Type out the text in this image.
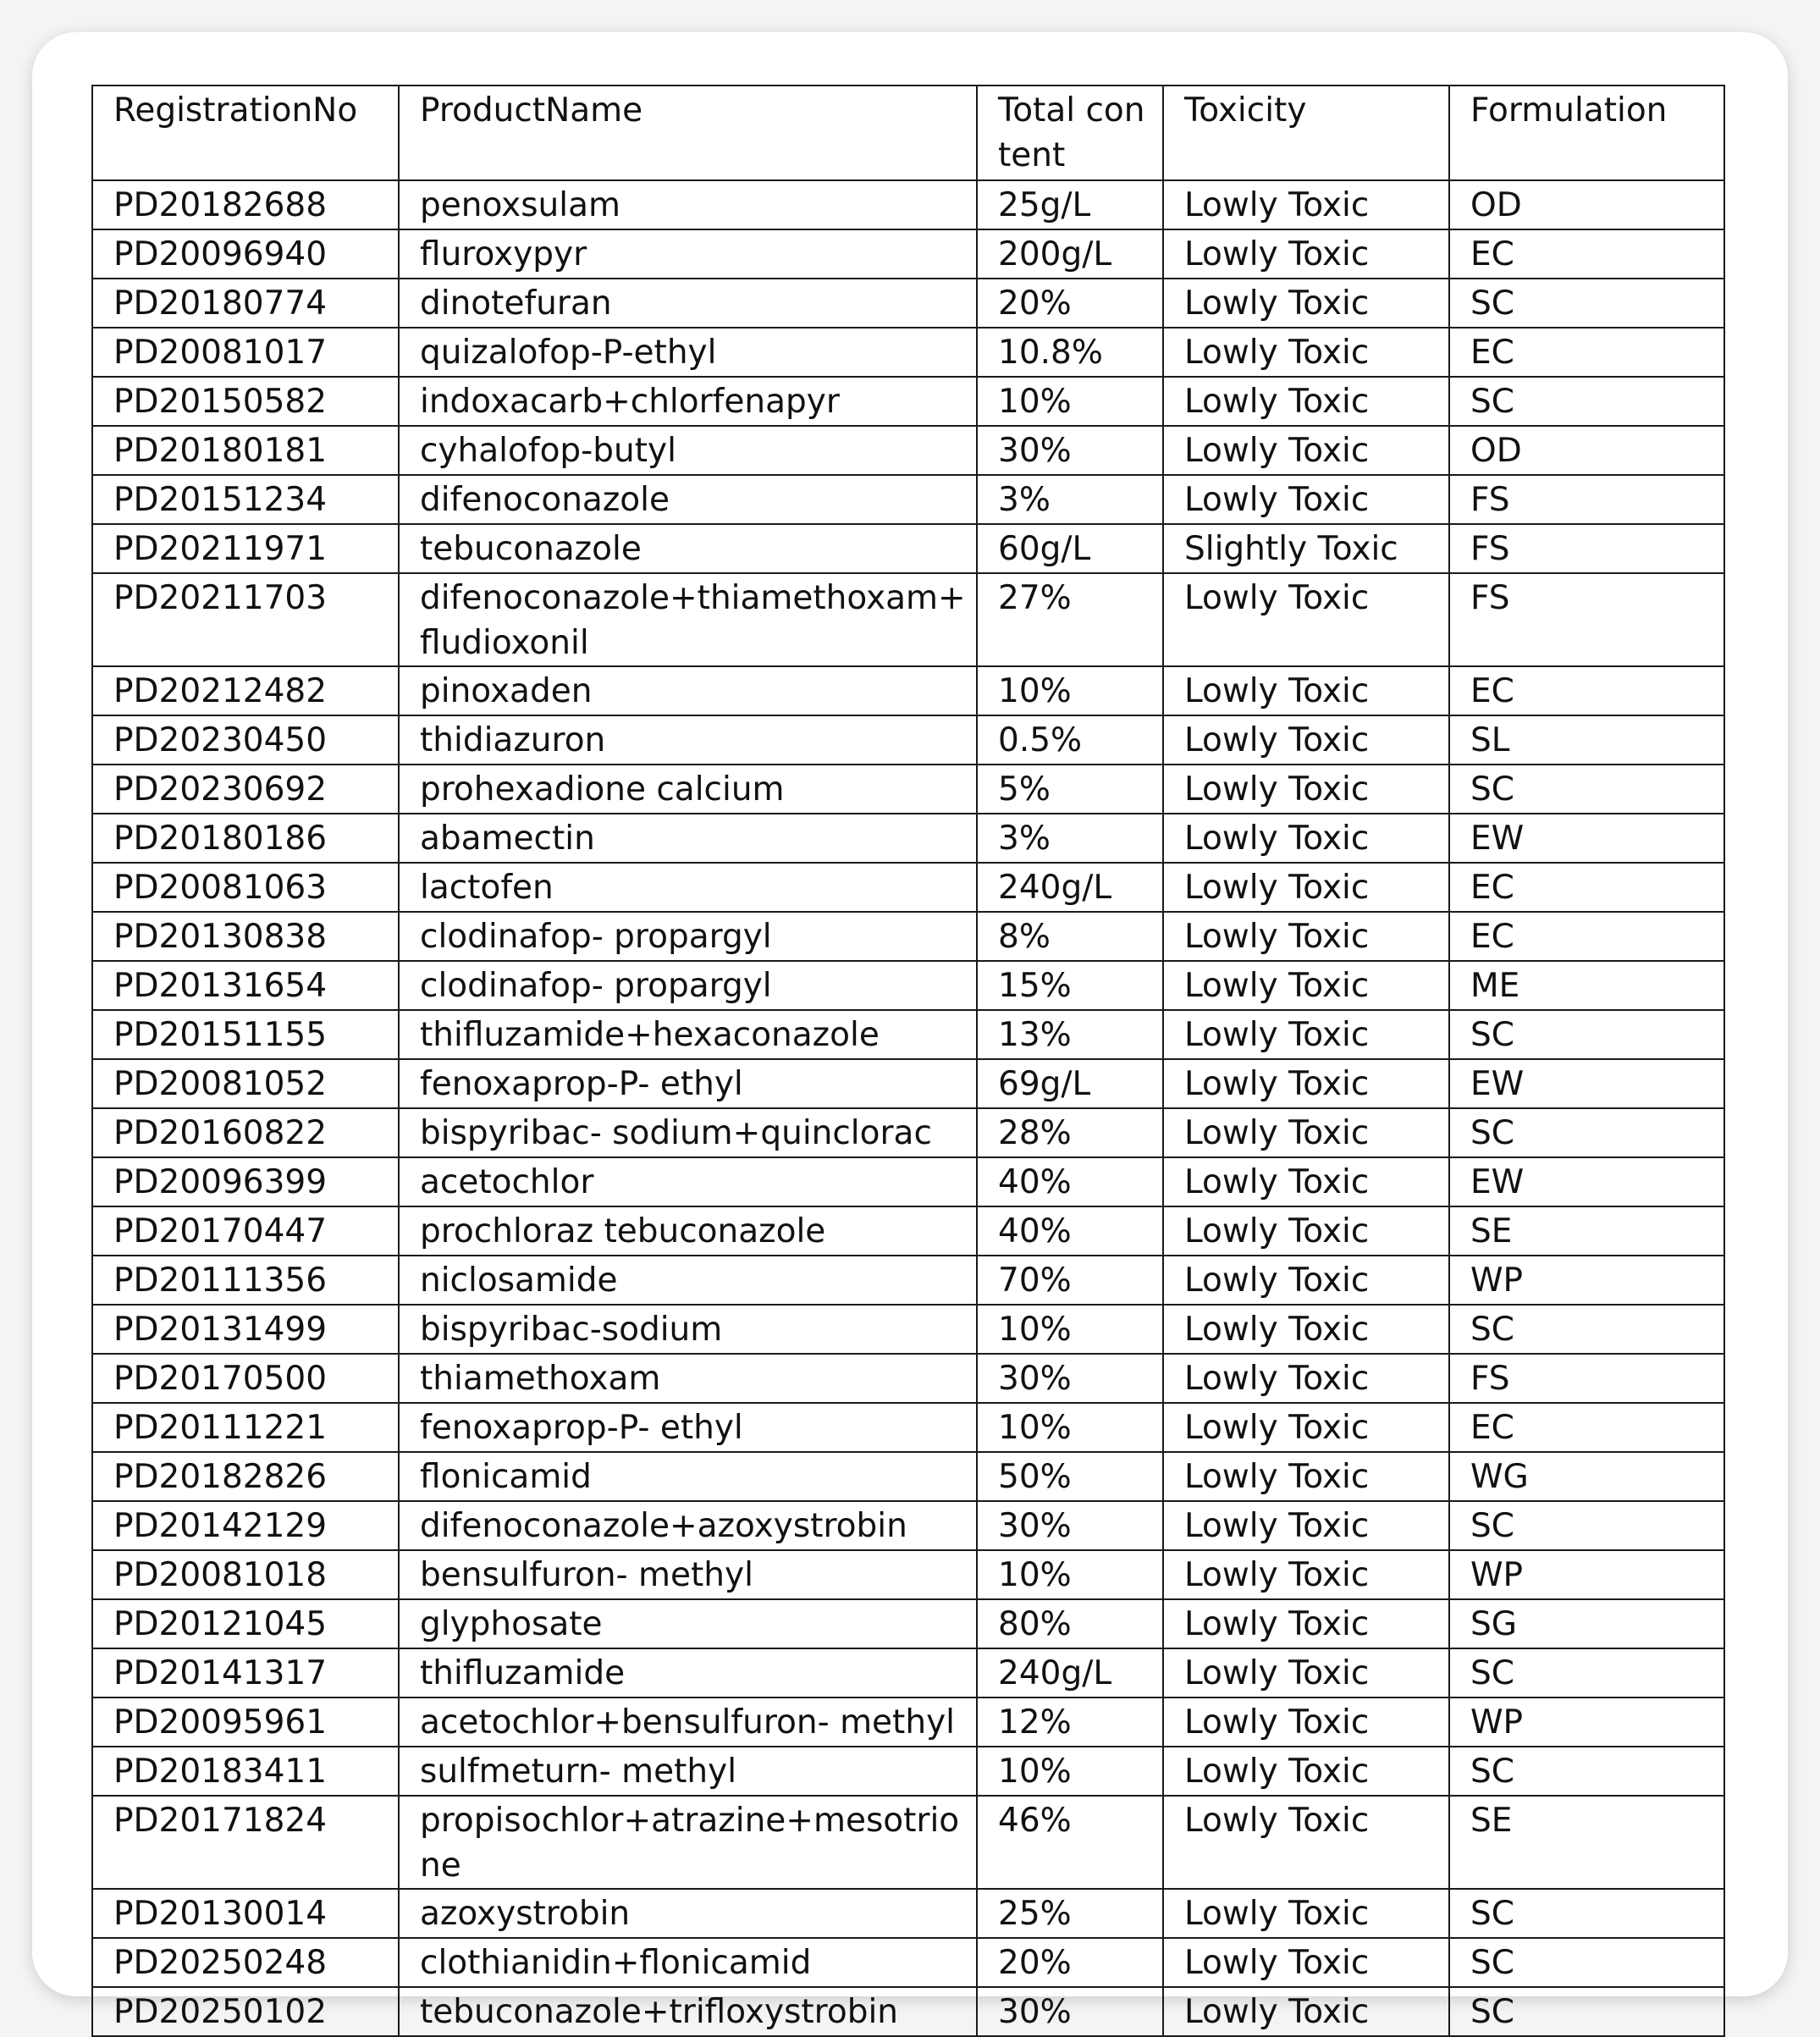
RegistrationNo	ProductName	Total content	Toxicity	Formulation
PD20182688	penoxsulam	25g/L	Lowly Toxic	OD
PD20096940	fluroxypyr	200g/L	Lowly Toxic	EC
PD20180774	dinotefuran	20%	Lowly Toxic	SC
PD20081017	quizalofop-P-ethyl	10.8%	Lowly Toxic	EC
PD20150582	indoxacarb+chlorfenapyr	10%	Lowly Toxic	SC
PD20180181	cyhalofop-butyl	30%	Lowly Toxic	OD
PD20151234	difenoconazole	3%	Lowly Toxic	FS
PD20211971	tebuconazole	60g/L	Slightly Toxic	FS
PD20211703	difenoconazole+thiamethoxam+fludioxonil	27%	Lowly Toxic	FS
PD20212482	pinoxaden	10%	Lowly Toxic	EC
PD20230450	thidiazuron	0.5%	Lowly Toxic	SL
PD20230692	prohexadione calcium	5%	Lowly Toxic	SC
PD20180186	abamectin	3%	Lowly Toxic	EW
PD20081063	lactofen	240g/L	Lowly Toxic	EC
PD20130838	clodinafop- propargyl	8%	Lowly Toxic	EC
PD20131654	clodinafop- propargyl	15%	Lowly Toxic	ME
PD20151155	thifluzamide+hexaconazole	13%	Lowly Toxic	SC
PD20081052	fenoxaprop-P- ethyl	69g/L	Lowly Toxic	EW
PD20160822	bispyribac- sodium+quinclorac	28%	Lowly Toxic	SC
PD20096399	acetochlor	40%	Lowly Toxic	EW
PD20170447	prochloraz tebuconazole	40%	Lowly Toxic	SE
PD20111356	niclosamide	70%	Lowly Toxic	WP
PD20131499	bispyribac-sodium	10%	Lowly Toxic	SC
PD20170500	thiamethoxam	30%	Lowly Toxic	FS
PD20111221	fenoxaprop-P- ethyl	10%	Lowly Toxic	EC
PD20182826	flonicamid	50%	Lowly Toxic	WG
PD20142129	difenoconazole+azoxystrobin	30%	Lowly Toxic	SC
PD20081018	bensulfuron- methyl	10%	Lowly Toxic	WP
PD20121045	glyphosate	80%	Lowly Toxic	SG
PD20141317	thifluzamide	240g/L	Lowly Toxic	SC
PD20095961	acetochlor+bensulfuron- methyl	12%	Lowly Toxic	WP
PD20183411	sulfmeturn- methyl	10%	Lowly Toxic	SC
PD20171824	propisochlor+atrazine+mesotrione	46%	Lowly Toxic	SE
PD20130014	azoxystrobin	25%	Lowly Toxic	SC
PD20250248	clothianidin+flonicamid	20%	Lowly Toxic	SC
PD20250102	tebuconazole+trifloxystrobin	30%	Lowly Toxic	SC
